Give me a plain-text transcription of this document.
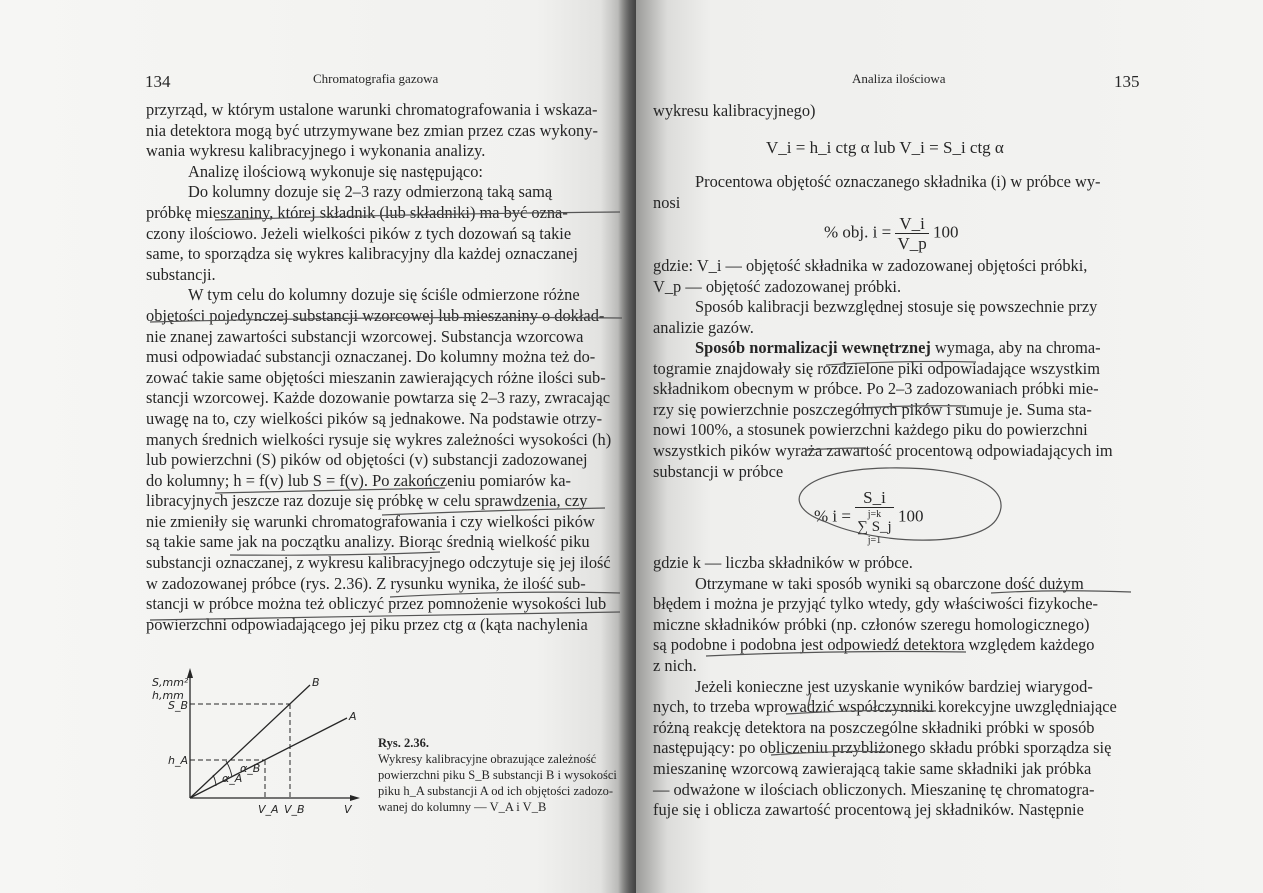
134	Chromatografia gazowa
przyrząd, w którym ustalone warunki chromatografowania i wskaza-
nia detektora mogą być utrzymywane bez zmian przez czas wykony-
wania wykresu kalibracyjnego i wykonania analizy.
Analizę ilościową wykonuje się następująco:
Do kolumny dozuje się 2–3 razy odmierzoną taką samą
próbkę mieszaniny, której składnik (lub składniki) ma być ozna-
czony ilościowo. Jeżeli wielkości pików z tych dozowań są takie
same, to sporządza się wykres kalibracyjny dla każdej oznaczanej
substancji.
W tym celu do kolumny dozuje się ściśle odmierzone różne
objętości pojedynczej substancji wzorcowej lub mieszaniny o dokład-
nie znanej zawartości substancji wzorcowej. Substancja wzorcowa
musi odpowiadać substancji oznaczanej. Do kolumny można też do-
zować takie same objętości mieszanin zawierających różne ilości sub-
stancji wzorcowej. Każde dozowanie powtarza się 2–3 razy, zwracając
uwagę na to, czy wielkości pików są jednakowe. Na podstawie otrzy-
manych średnich wielkości rysuje się wykres zależności wysokości (h)
lub powierzchni (S) pików od objętości (v) substancji zadozowanej
do kolumny; h = f(v) lub S = f(v). Po zakończeniu pomiarów ka-
libracyjnych jeszcze raz dozuje się próbkę w celu sprawdzenia, czy
nie zmieniły się warunki chromatografowania i czy wielkości pików
są takie same jak na początku analizy. Biorąc średnią wielkość piku
substancji oznaczanej, z wykresu kalibracyjnego odczytuje się jej ilość
w zadozowanej próbce (rys. 2.36). Z rysunku wynika, że ilość sub-
stancji w próbce można też obliczyć przez pomnożenie wysokości lub
powierzchni odpowiadającego jej piku przez ctg α (kąta nachylenia
S,mm²
h,mm
S_B
h_A
V_A V_B	V
B
A
α_A
α_B
Rys. 2.36.
Wykresy kalibracyjne obrazujące zależność
powierzchni piku S_B substancji B i wysokości
piku h_A substancji A od ich objętości zadozo-
wanej do kolumny — V_A i V_B
Analiza ilościowa	135
wykresu kalibracyjnego)
V_i = h_i ctg α lub V_i = S_i ctg α
Procentowa objętość oznaczanego składnika (i) w próbce wy-
nosi
% obj. $i = \frac{V\_i}{V\_p} 100$
gdzie: V_i — objętość składnika w zadozowanej objętości próbki,
V_p — objętość zadozowanej próbki.
Sposób kalibracji bezwzględnej stosuje się powszechnie przy
analizie gazów.
Sposób normalizacji wewnętrznej wymaga, aby na chroma-
togramie znajdowały się rozdzielone piki odpowiadające wszystkim
składnikom obecnym w próbce. Po 2–3 zadozowaniach próbki mie-
rzy się powierzchnie poszczególnych pików i sumuje je. Suma sta-
nowi 100%, a stosunek powierzchni każdego piku do powierzchni
wszystkich pików wyraża zawartość procentową odpowiadających im
substancji w próbce
% i = S_i
j=k
∑ S_j
j=1 100
gdzie k — liczba składników w próbce.
Otrzymane w taki sposób wyniki są obarczone dość dużym
błędem i można je przyjąć tylko wtedy, gdy właściwości fizykoche-
miczne składników próbki (np. członów szeregu homologicznego)
są podobne i podobna jest odpowiedź detektora względem każdego
z nich.
Jeżeli konieczne jest uzyskanie wyników bardziej wiarygod-
nych, to trzeba wprowadzić współczynniki korekcyjne uwzględniające
różną reakcję detektora na poszczególne składniki próbki w sposób
następujący: po obliczeniu przybliżonego składu próbki sporządza się
mieszaninę wzorcową zawierającą takie same składniki jak próbka
— odważone w ilościach obliczonych. Mieszaninę tę chromatogra-
fuje się i oblicza zawartość procentową jej składników. Następnie
